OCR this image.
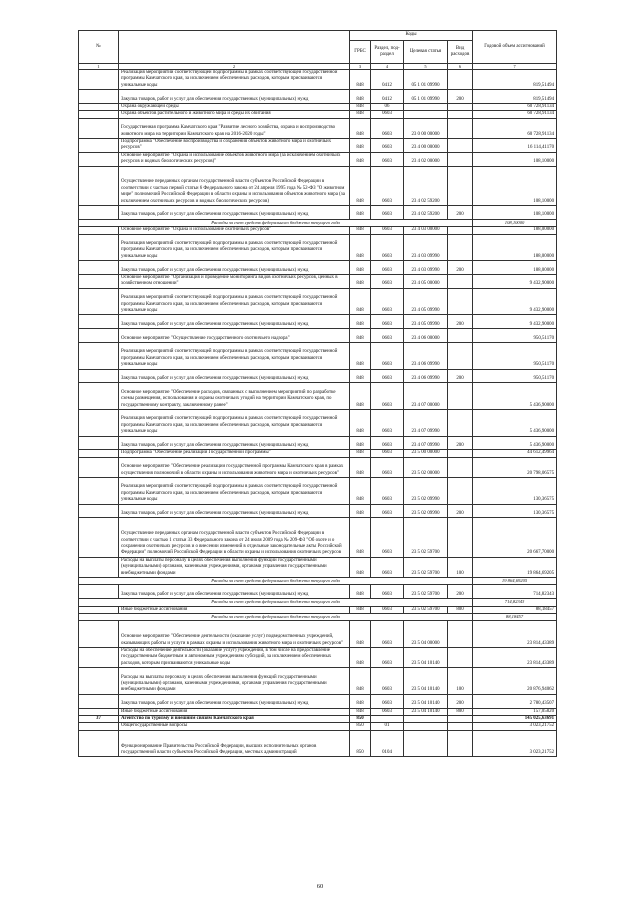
№		Коды				Годовой объем ассигнований
		ГРБС	Раздел, под-раздел	Целевая статья	Вид расходов	
1	2	3	4	5	6	7
	Реализация мероприятий соответствующей подпрограммы в рамках соответствующей государственной программы Камчатского края, за исключением обеспеченных расходов, которым присваиваются уникальные коды	848	0412	05 1 01 09990		819,51494
	Закупка товаров, работ и услуг для обеспечения государственных (муниципальных) нужд	848	0412	05 1 01 09990	200	819,51494
	Охрана окружающей среды	848	06			60 728,91134
	Охрана объектов растительного и животного мира и среды их обитания	848	0603			60 728,91134
	Государственная программа Камчатского края "Развитие лесного хозяйства, охрана и воспроизводство животного мира на территории Камчатского края на 2016-2020 годы"	848	0603	23 0 00 00000		60 728,91134
	Подпрограмма "Обеспечение воспроизводства и сохранения объектов животного мира и охотничьих ресурсов"	848	0603	23 4 00 00000		16 114,41170
	Основное мероприятие "Охрана и использование объектов животного мира (за исключением охотничьих ресурсов и водных биологических ресурсов)"	848	0603	23 4 02 00000		108,10000
	Осуществление переданных органам государственной власти субъектов Российской Федерации в соответствии с частью первой статьи 6 Федерального закона от 24 апреля 1995 года № 52-ФЗ "О животном мире" полномочий Российской Федерации в области охраны и использования объектов животного мира (за исключением охотничьих ресурсов и водных биологических ресурсов)	848	0603	23 4 02 59200		108,10000
	Закупка товаров, работ и услуг для обеспечения государственных (муниципальных) нужд	848	0603	23 4 02 59200	200	108,10000
Расходы за счет средств федерального бюджета текущего года						108,10000
	Основное мероприятие "Охрана и использование охотничьих ресурсов"	848	0603	23 4 03 00000		188,00000
	Реализация мероприятий соответствующей подпрограммы в рамках соответствующей государственной программы Камчатского края, за исключением обеспеченных расходов, которым присваиваются уникальные коды	848	0603	23 4 03 09990		188,00000
	Закупка товаров, работ и услуг для обеспечения государственных (муниципальных) нужд	848	0603	23 4 03 09990	200	188,00000
	Основное мероприятие "Организация и проведение мониторинга видов охотничьих ресурсов, ценных в хозяйственном отношении"	848	0603	23 4 05 00000		9 432,90000
	Реализация мероприятий соответствующей подпрограммы в рамках соответствующей государственной программы Камчатского края, за исключением обеспеченных расходов, которым присваиваются уникальные коды	848	0603	23 4 05 09990		9 432,90000
	Закупка товаров, работ и услуг для обеспечения государственных (муниципальных) нужд	848	0603	23 4 05 09990	200	9 432,90000
	Основное мероприятие "Осуществление государственного охотничьего надзора"	848	0603	23 4 06 00000		950,51170
	Реализация мероприятий соответствующей подпрограммы в рамках соответствующей государственной программы Камчатского края, за исключением обеспеченных расходов, которым присваиваются уникальные коды	848	0603	23 4 06 09990		950,51170
	Закупка товаров, работ и услуг для обеспечения государственных (муниципальных) нужд	848	0603	23 4 06 09990	200	950,51170
	Основное мероприятие "Обеспечение расходов, связанных с выполнением мероприятий по разработке схемы размещения, использования и охраны охотничьих угодий на территории Камчатского края, по государственному контракту, заключенному ранее"	848	0603	23 4 07 00000		5 436,90000
	Реализация мероприятий соответствующей подпрограммы в рамках соответствующей государственной программы Камчатского края, за исключением обеспеченных расходов, которым присваиваются уникальные коды	848	0603	23 4 07 09990		5 436,90000
	Закупка товаров, работ и услуг для обеспечения государственных (муниципальных) нужд	848	0603	23 4 07 09990	200	5 436,90000
	Подпрограмма "Обеспечение реализации Государственной программы"	848	0603	23 5 00 00000		44 612,49964
	Основное мероприятие "Обеспечение реализации государственной программы Камчатского края в рамках осуществления полномочий в области охраны и использования животного мира и охотничьих ресурсов"	848	0603	23 5 02 00000		20 798,06575
	Реализация мероприятий соответствующей подпрограммы в рамках соответствующей государственной программы Камчатского края, за исключением обеспеченных расходов, которым присваиваются уникальные коды	848	0603	23 5 02 09990		130,36575
	Закупка товаров, работ и услуг для обеспечения государственных (муниципальных) нужд	848	0603	23 5 02 09990	200	130,36575
	Осуществление переданных органам государственной власти субъектов Российской Федерации в соответствии с частью 1 статьи 33 Федерального закона от 24 июля 2009 года № 209-ФЗ "Об охоте и о сохранении охотничьих ресурсов и о внесении изменений в отдельные законодательные акты Российской Федерации" полномочий Российской Федерации в области охраны и использования охотничьих ресурсов	848	0603	23 5 02 59700		20 667,70000
	Расходы на выплаты персоналу в целях обеспечения выполнения функций государственными (муниципальными) органами, казенными учреждениями, органами управления государственными внебюджетными фондами	848	0603	23 5 02 59700	100	19 864,69205
Расходы за счет средств федерального бюджета текущего года						19 864,69205
	Закупка товаров, работ и услуг для обеспечения государственных (муниципальных) нужд	848	0603	23 5 02 59700	200	714,82343
Расходы за счет средств федерального бюджета текущего года						714,82343
	Иные бюджетные ассигнования	848	0603	23 5 02 59700	800	88,18457
Расходы за счет средств федерального бюджета текущего года						88,18457
	Основное мероприятие "Обеспечение деятельности (оказание услуг) подведомственных учреждений, оказывающих работы и услуги в рамках охраны и использования животного мира и охотничьих ресурсов"	848	0603	23 5 04 00000		23 814,43389
	Расходы на обеспечение деятельности (оказание услуг) учреждений, в том числе на предоставление государственным бюджетным и автономным учреждениям субсидий, за исключением обеспеченных расходов, которым присваиваются уникальные коды	848	0603	23 5 04 10140		23 814,43389
	Расходы на выплаты персоналу в целях обеспечения выполнения функций государственными (муниципальными) органами, казенными учреждениями, органами управления государственными внебюджетными фондами	848	0603	23 5 04 10140	100	20 876,94062
	Закупка товаров, работ и услуг для обеспечения государственных (муниципальных) нужд	848	0603	23 5 04 10140	200	2 780,43507
	Иные бюджетные ассигнования	848	0603	23 5 04 10140	800	157,05820
37	Агентство по туризму и внешним связям Камчатского края	850				145 025,63691
	Общегосударственные вопросы	850	01			3 023,21752
	Функционирование Правительства Российской Федерации, высших исполнительных органов государственной власти субъектов Российской Федерации, местных администраций	850	0104			3 023,21752
60
